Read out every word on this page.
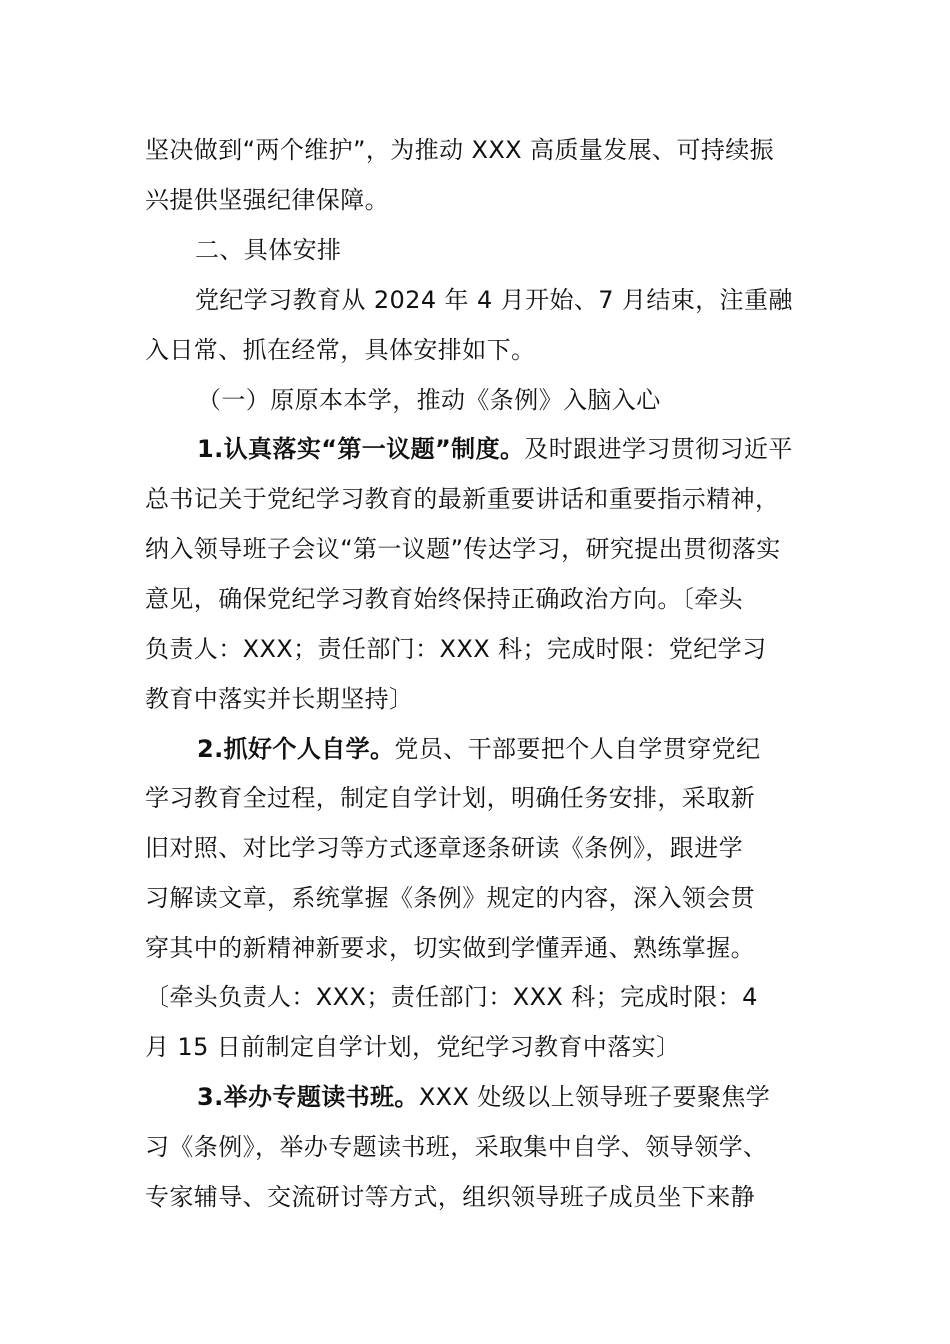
坚决做到“两个维护”，为推动 XXX 高质量发展、可持续振
兴提供坚强纪律保障。
二、具体安排
党纪学习教育从 2024 年 4 月开始、7 月结束，注重融
入日常、抓在经常，具体安排如下。
（一）原原本本学，推动《条例》入脑入心
1.认真落实“第一议题”制度。及时跟进学习贯彻习近平
总书记关于党纪学习教育的最新重要讲话和重要指示精神，
纳入领导班子会议“第一议题”传达学习，研究提出贯彻落实
意见，确保党纪学习教育始终保持正确政治方向。〔牵头
负责人：XXX；责任部门：XXX 科；完成时限：党纪学习
教育中落实并长期坚持〕
2.抓好个人自学。党员、干部要把个人自学贯穿党纪
学习教育全过程，制定自学计划，明确任务安排，采取新
旧对照、对比学习等方式逐章逐条研读《条例》，跟进学
习解读文章，系统掌握《条例》规定的内容，深入领会贯
穿其中的新精神新要求，切实做到学懂弄通、熟练掌握。
〔牵头负责人：XXX；责任部门：XXX 科；完成时限：4
月 15 日前制定自学计划，党纪学习教育中落实〕
3.举办专题读书班。XXX 处级以上领导班子要聚焦学
习《条例》，举办专题读书班，采取集中自学、领导领学、
专家辅导、交流研讨等方式，组织领导班子成员坐下来静
